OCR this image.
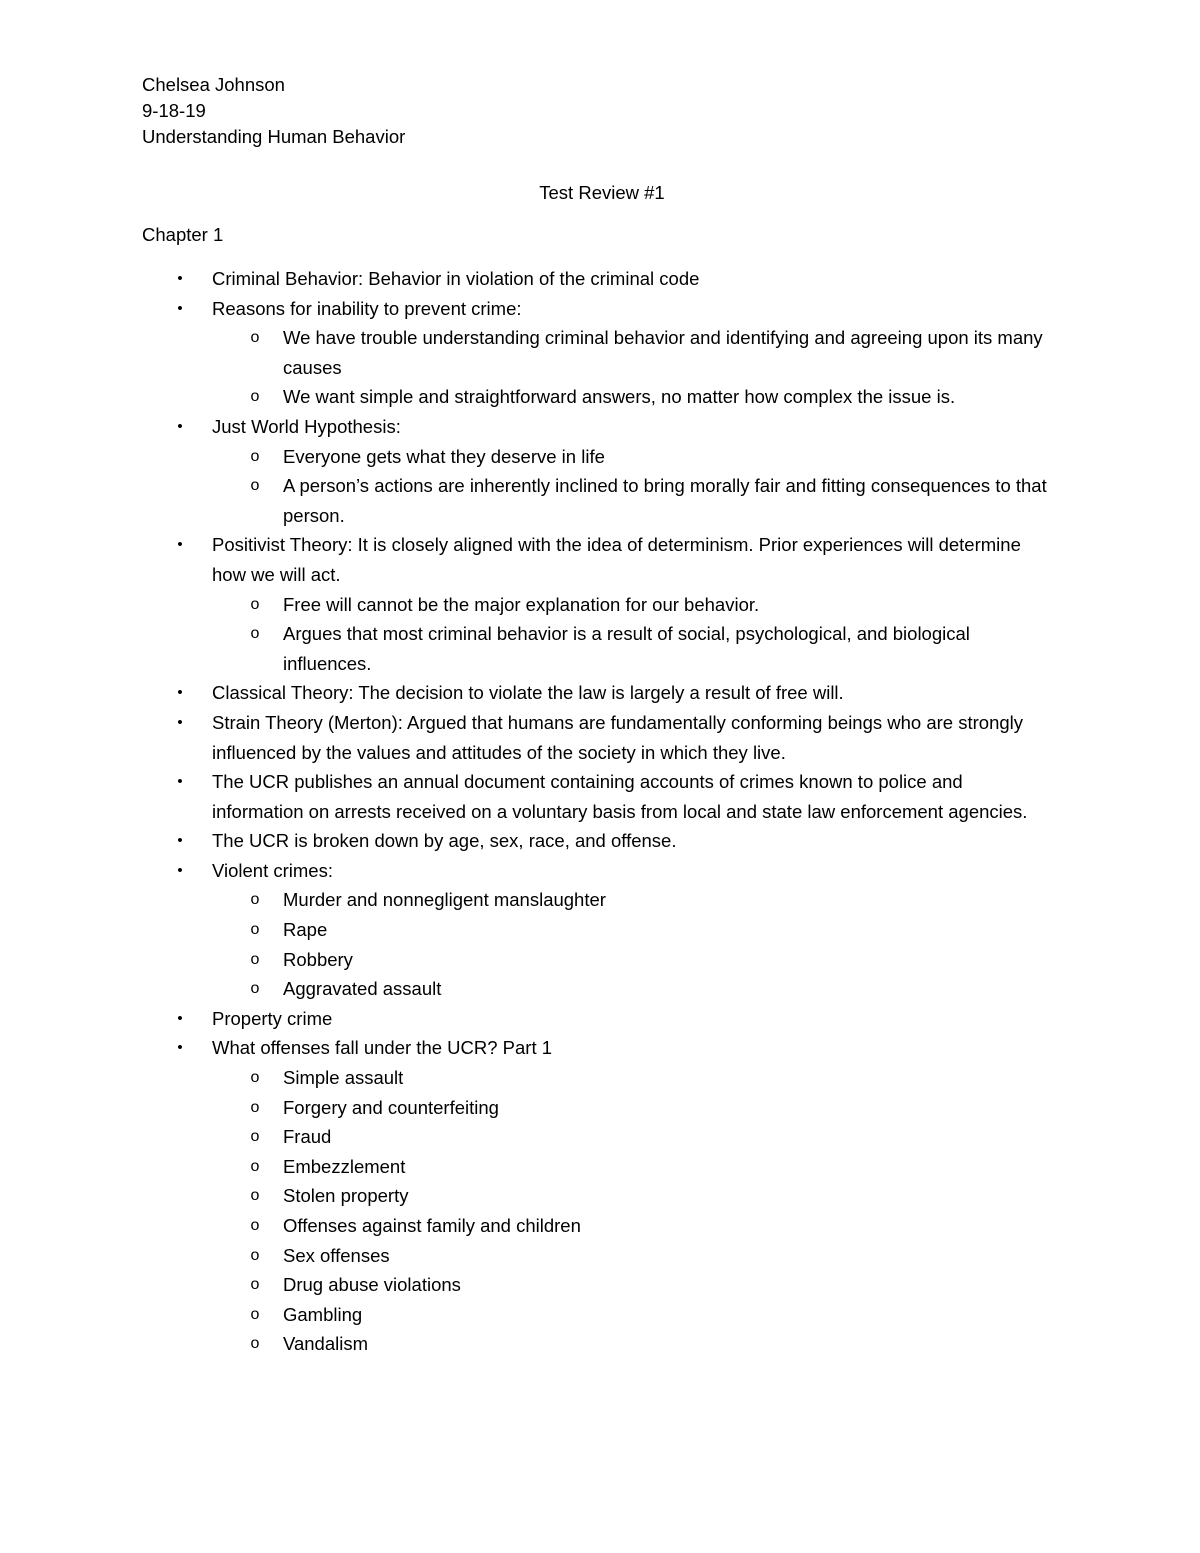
Chelsea Johnson
9-18-19
Understanding Human Behavior
Test Review #1
Chapter 1
•	Criminal Behavior: Behavior in violation of the criminal code
•	Reasons for inability to prevent crime:
o We have trouble understanding criminal behavior and identifying and agreeing upon its many causes
o We want simple and straightforward answers, no matter how complex the issue is.
•	Just World Hypothesis:
o Everyone gets what they deserve in life
o A person’s actions are inherently inclined to bring morally fair and fitting consequences to that person.
•	Positivist Theory: It is closely aligned with the idea of determinism. Prior experiences will determine how we will act.
o Free will cannot be the major explanation for our behavior.
o Argues that most criminal behavior is a result of social, psychological, and biological influences.
•	Classical Theory: The decision to violate the law is largely a result of free will.
•	Strain Theory (Merton): Argued that humans are fundamentally conforming beings who are strongly influenced by the values and attitudes of the society in which they live.
•	The UCR publishes an annual document containing accounts of crimes known to police and information on arrests received on a voluntary basis from local and state law enforcement agencies.
•	The UCR is broken down by age, sex, race, and offense.
•	Violent crimes:
o Murder and nonnegligent manslaughter
o Rape
o Robbery
o Aggravated assault
•	Property crime
•	What offenses fall under the UCR? Part 1
o Simple assault
o Forgery and counterfeiting
o Fraud
o Embezzlement
o Stolen property
o Offenses against family and children
o Sex offenses
o Drug abuse violations
o Gambling
o Vandalism
